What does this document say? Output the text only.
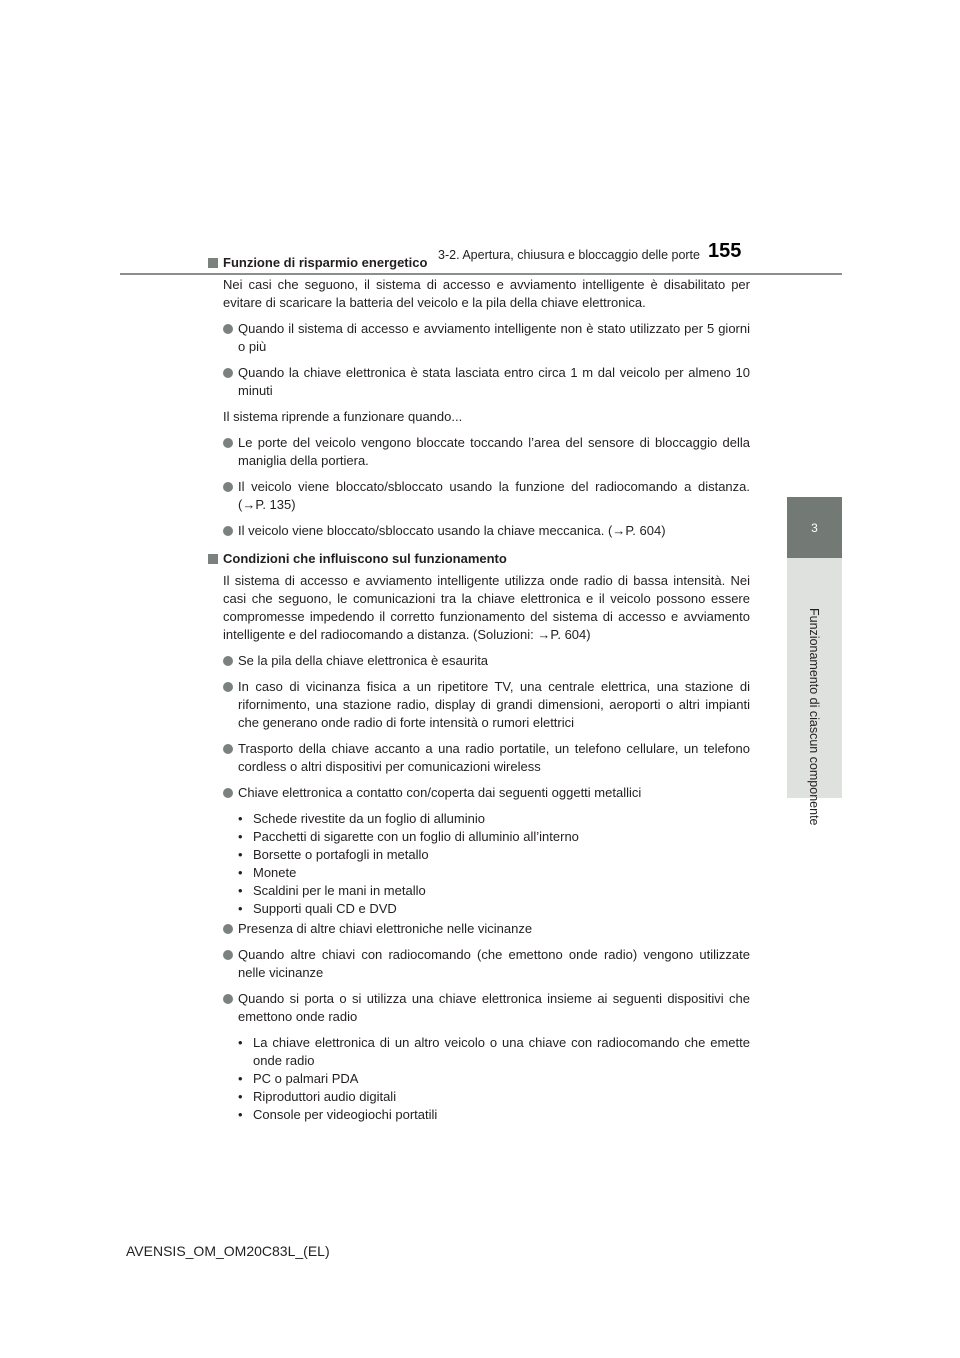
3-2. Apertura, chiusura e bloccaggio delle porte 155
3
Funzionamento di ciascun componente
Funzione di risparmio energetico
Nei casi che seguono, il sistema di accesso e avviamento intelligente è disabilitato per evitare di scaricare la batteria del veicolo e la pila della chiave elettronica.
Quando il sistema di accesso e avviamento intelligente non è stato utilizzato per 5 giorni o più
Quando la chiave elettronica è stata lasciata entro circa 1 m dal veicolo per almeno 10 minuti
Il sistema riprende a funzionare quando...
Le porte del veicolo vengono bloccate toccando l’area del sensore di bloccaggio della maniglia della portiera.
Il veicolo viene bloccato/sbloccato usando la funzione del radiocomando a distanza. (→P. 135)
Il veicolo viene bloccato/sbloccato usando la chiave meccanica. (→P. 604)
Condizioni che influiscono sul funzionamento
Il sistema di accesso e avviamento intelligente utilizza onde radio di bassa intensità. Nei casi che seguono, le comunicazioni tra la chiave elettronica e il veicolo possono essere compromesse impedendo il corretto funzionamento del sistema di accesso e avviamento intelligente e del radiocomando a distanza. (Soluzioni: →P. 604)
Se la pila della chiave elettronica è esaurita
In caso di vicinanza fisica a un ripetitore TV, una centrale elettrica, una stazione di rifornimento, una stazione radio, display di grandi dimensioni, aeroporti o altri impianti che generano onde radio di forte intensità o rumori elettrici
Trasporto della chiave accanto a una radio portatile, un telefono cellulare, un telefono cordless o altri dispositivi per comunicazioni wireless
Chiave elettronica a contatto con/coperta dai seguenti oggetti metallici
• Schede rivestite da un foglio di alluminio
• Pacchetti di sigarette con un foglio di alluminio all’interno
• Borsette o portafogli in metallo
• Monete
• Scaldini per le mani in metallo
• Supporti quali CD e DVD
Presenza di altre chiavi elettroniche nelle vicinanze
Quando altre chiavi con radiocomando (che emettono onde radio) vengono utilizzate nelle vicinanze
Quando si porta o si utilizza una chiave elettronica insieme ai seguenti dispositivi che emettono onde radio
• La chiave elettronica di un altro veicolo o una chiave con radiocomando che emette onde radio
• PC o palmari PDA
• Riproduttori audio digitali
• Console per videogiochi portatili
AVENSIS_OM_OM20C83L_(EL)
